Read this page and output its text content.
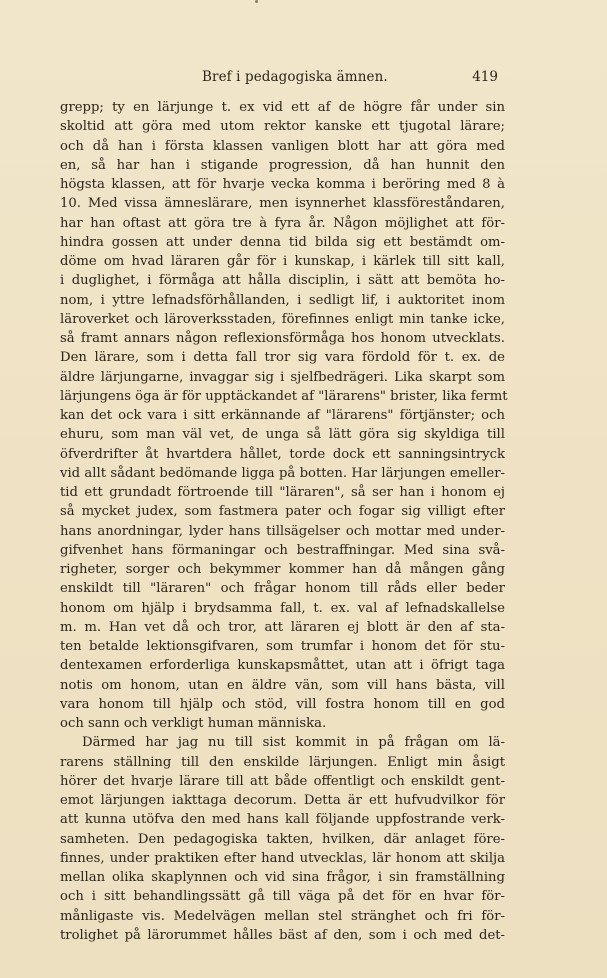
Bref i pedagogiska ämnen.	419
grepp; ty en lärjunge t. ex vid ett af de högre får under sin
skoltid att göra med utom rektor kanske ett tjugotal lärare;
och då han i första klassen vanligen blott har att göra med
en, så har han i stigande progression, då han hunnit den
högsta klassen, att för hvarje vecka komma i beröring med 8 à
10. Med vissa ämneslärare, men isynnerhet klassföreståndaren,
har han oftast att göra tre à fyra år. Någon möjlighet att för-
hindra gossen att under denna tid bilda sig ett bestämdt om-
döme om hvad läraren går för i kunskap, i kärlek till sitt kall,
i duglighet, i förmåga att hålla disciplin, i sätt att bemöta ho-
nom, i yttre lefnadsförhållanden, i sedligt lif, i auktoritet inom
läroverket och läroverksstaden, förefinnes enligt min tanke icke,
så framt annars någon reflexionsförmåga hos honom utvecklats.
Den lärare, som i detta fall tror sig vara fördold för t. ex. de
äldre lärjungarne, invaggar sig i sjelfbedrägeri. Lika skarpt som
lärjungens öga är för upptäckandet af "lärarens" brister, lika fermt
kan det ock vara i sitt erkännande af "lärarens" förtjänster; och
ehuru, som man väl vet, de unga så lätt göra sig skyldiga till
öfverdrifter åt hvartdera hållet, torde dock ett sanningsintryck
vid allt sådant bedömande ligga på botten. Har lärjungen emeller-
tid ett grundadt förtroende till "läraren", så ser han i honom ej
så mycket judex, som fastmera pater och fogar sig villigt efter
hans anordningar, lyder hans tillsägelser och mottar med under-
gifvenhet hans förmaningar och bestraffningar. Med sina svå-
righeter, sorger och bekymmer kommer han då mången gång
enskildt till "läraren" och frågar honom till råds eller beder
honom om hjälp i brydsamma fall, t. ex. val af lefnadskallelse
m. m. Han vet då och tror, att läraren ej blott är den af sta-
ten betalde lektionsgifvaren, som trumfar i honom det för stu-
dentexamen erforderliga kunskapsmåttet, utan att i öfrigt taga
notis om honom, utan en äldre vän, som vill hans bästa, vill
vara honom till hjälp och stöd, vill fostra honom till en god
och sann och verkligt human människa.
Därmed har jag nu till sist kommit in på frågan om lä-
rarens ställning till den enskilde lärjungen. Enligt min åsigt
hörer det hvarje lärare till att både offentligt och enskildt gent-
emot lärjungen iakttaga decorum. Detta är ett hufvudvilkor för
att kunna utöfva den med hans kall följande uppfostrande verk-
samheten. Den pedagogiska takten, hvilken, där anlaget före-
finnes, under praktiken efter hand utvecklas, lär honom att skilja
mellan olika skaplynnen och vid sina frågor, i sin framställning
och i sitt behandlingssätt gå till väga på det för en hvar för-
månligaste vis. Medelvägen mellan stel stränghet och fri för-
trolighet på lärorummet hålles bäst af den, som i och med det-
